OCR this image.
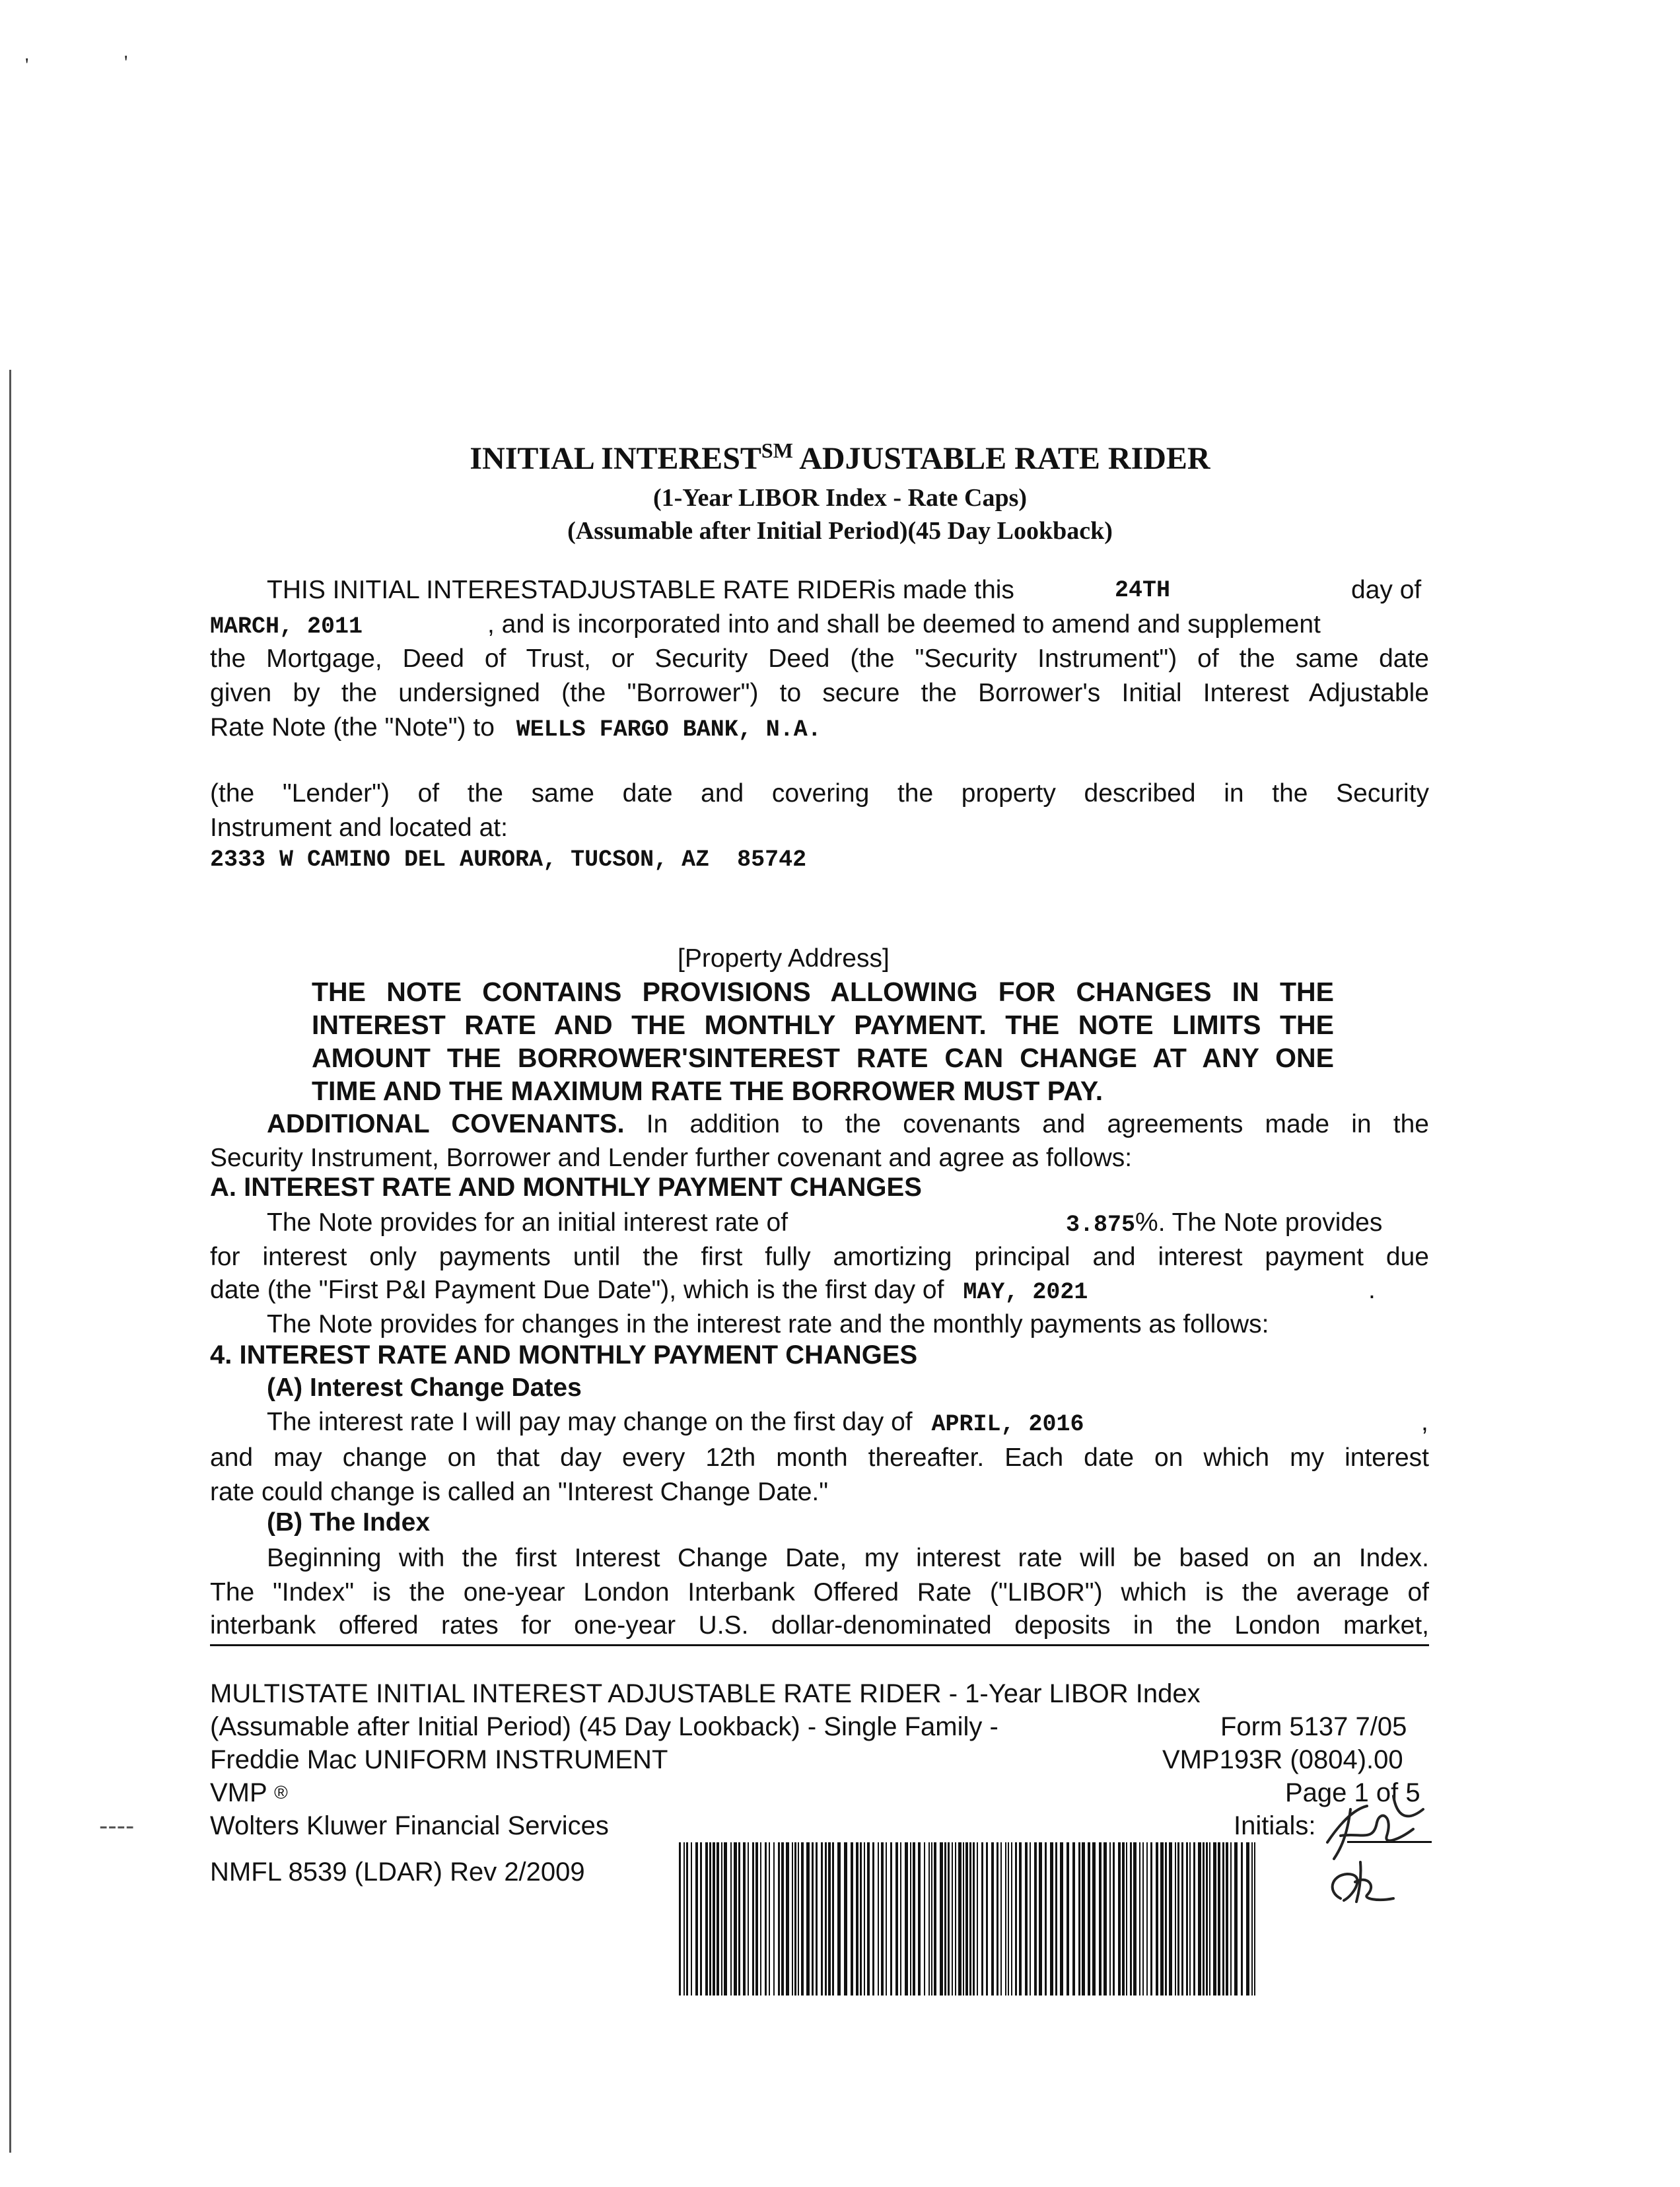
'	'
INITIAL INTEREST℠ ADJUSTABLE RATE RIDER
(1-Year LIBOR Index - Rate Caps)
(Assumable after Initial Period)(45 Day Lookback)
THIS INITIAL INTERESTADJUSTABLE RATE RIDERis made this	24TH	day of
MARCH, 2011	, and is incorporated into and shall be deemed to amend and supplement
the Mortgage, Deed of Trust, or Security Deed (the "Security Instrument") of the same date
given by the undersigned (the "Borrower") to secure the Borrower's Initial Interest Adjustable
Rate Note (the "Note") to WELLS FARGO BANK, N.A.
(the "Lender") of the same date and covering the property described in the Security
Instrument and located at:
2333 W CAMINO DEL AURORA, TUCSON, AZ  85742
[Property Address]
THE NOTE CONTAINS PROVISIONS ALLOWING FOR CHANGES IN THE
INTEREST RATE AND THE MONTHLY PAYMENT. THE NOTE LIMITS THE
AMOUNT THE BORROWER'SINTEREST RATE CAN CHANGE AT ANY ONE
TIME AND THE MAXIMUM RATE THE BORROWER MUST PAY.
ADDITIONAL COVENANTS. In addition to the covenants and agreements made in the
Security Instrument, Borrower and Lender further covenant and agree as follows:
A. INTEREST RATE AND MONTHLY PAYMENT CHANGES
The Note provides for an initial interest rate of	3.875%. The Note provides
for interest only payments until the first fully amortizing principal and interest payment due
date (the "First P&I Payment Due Date"), which is the first day of MAY, 2021	.
The Note provides for changes in the interest rate and the monthly payments as follows:
4. INTEREST RATE AND MONTHLY PAYMENT CHANGES
(A) Interest Change Dates
The interest rate I will pay may change on the first day of APRIL, 2016	,
and may change on that day every 12th month thereafter. Each date on which my interest
rate could change is called an "Interest Change Date."
(B) The Index
Beginning with the first Interest Change Date, my interest rate will be based on an Index.
The "Index" is the one-year London Interbank Offered Rate ("LIBOR") which is the average of
interbank offered rates for one-year U.S. dollar-denominated deposits in the London market,
MULTISTATE INITIAL INTEREST ADJUSTABLE RATE RIDER - 1-Year LIBOR Index
(Assumable after Initial Period) (45 Day Lookback) - Single Family -	Form 5137 7/05
Freddie Mac UNIFORM INSTRUMENT	VMP193R (0804).00
VMP ®	Page 1 of 5
----	Wolters Kluwer Financial Services	Initials:
NMFL 8539 (LDAR) Rev 2/2009
